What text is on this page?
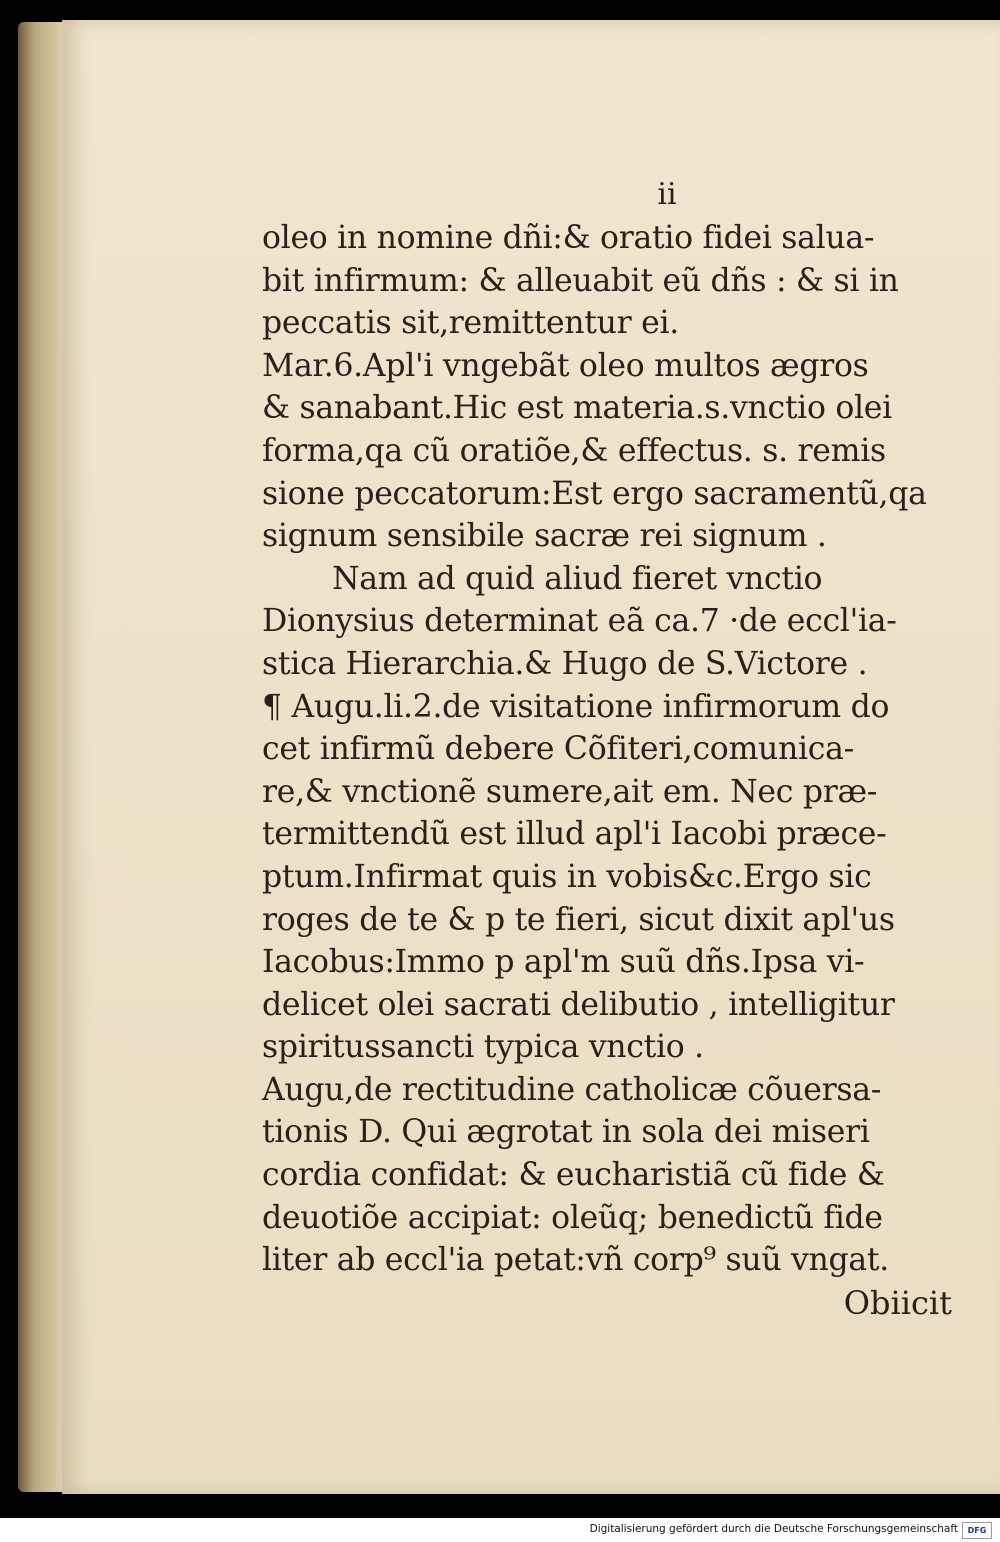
ii
oleo in nomine dñi:& oratio fidei salua-
bit infirmum: & alleuabit eũ dñs : & si in
peccatis sit,remittentur ei.
Mar.6.Apl'i vngebãt oleo multos ægros
& sanabant.Hic est materia.s.vnctio olei
forma,qa cũ oratiõe,& effectus. s. remis
sione peccatorum:Est ergo sacramentũ,qa
signum sensibile sacræ rei signum .
Nam ad quid aliud fieret vnctio
Dionysius determinat eã ca.7 ·de eccl'ia-
stica Hierarchia.& Hugo de S.Victore .
¶ Augu.li.2.de visitatione infirmorum do
cet infirmũ debere Cõfiteri,comunica-
re,& vnctionẽ sumere,ait em. Nec præ-
termittendũ est illud apl'i Iacobi præce-
ptum.Infirmat quis in vobis&c.Ergo sic
roges de te & p te fieri, sicut dixit apl'us
Iacobus:Immo p apl'm suũ dñs.Ipsa vi-
delicet olei sacrati delibutio , intelligitur
spiritussancti typica vnctio .
Augu,de rectitudine catholicæ cõuersa-
tionis D. Qui ægrotat in sola dei miseri
cordia confidat: & eucharistiã cũ fide &
deuotiõe accipiat: oleũq; benedictũ fide
liter ab eccl'ia petat:vñ corp⁹ suũ vngat.
Obiicit
Digitalisierung gefördert durch die Deutsche Forschungsgemeinschaft	DFG
